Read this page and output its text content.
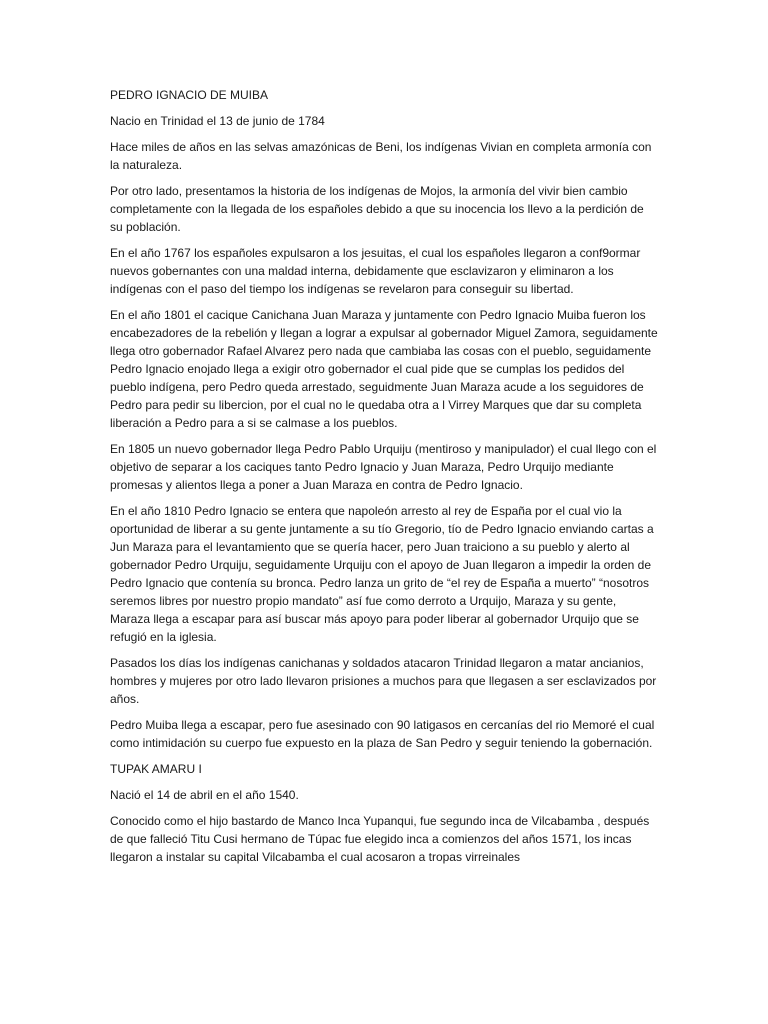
PEDRO IGNACIO DE MUIBA

Nacio en Trinidad el 13 de junio de 1784

Hace miles de años en las selvas amazónicas de Beni, los indígenas Vivian en completa armonía con la naturaleza.

Por otro lado, presentamos la historia de los indígenas de Mojos, la armonía del vivir bien cambio completamente con la llegada de los españoles debido a que su inocencia los llevo a la perdición de su población.

En el año 1767 los españoles expulsaron a los jesuitas, el cual los españoles llegaron a conf9ormar nuevos gobernantes con una maldad interna, debidamente que esclavizaron y eliminaron a los indígenas con el paso del tiempo los indígenas se revelaron para conseguir su libertad.

En el año 1801 el cacique Canichana Juan Maraza y juntamente con Pedro Ignacio Muiba fueron los encabezadores de la rebelión y llegan a lograr a expulsar al gobernador Miguel Zamora, seguidamente llega otro gobernador Rafael Alvarez pero nada que cambiaba las cosas con el pueblo, seguidamente Pedro Ignacio enojado llega a exigir otro gobernador el cual pide que se cumplas los pedidos del pueblo indígena, pero Pedro queda arrestado, seguidmente Juan Maraza acude a los seguidores de Pedro para pedir su libercion, por el cual no le quedaba otra a l Virrey Marques que dar su completa liberación a Pedro para a si se calmase a los pueblos.

En 1805 un nuevo gobernador llega Pedro Pablo Urquiju (mentiroso y manipulador) el cual llego con el objetivo de separar a los caciques tanto Pedro Ignacio y Juan Maraza, Pedro Urquijo mediante promesas y alientos llega a poner a Juan Maraza en contra de Pedro Ignacio.

En el año 1810 Pedro Ignacio se entera que napoleón arresto al rey de España por el cual vio la oportunidad de liberar a su gente juntamente a su tío Gregorio, tío de Pedro Ignacio enviando cartas a Jun Maraza para el levantamiento que se quería hacer, pero Juan traiciono a su pueblo y alerto al gobernador Pedro Urquiju, seguidamente Urquiju con el apoyo de Juan llegaron a impedir la orden de Pedro Ignacio que contenía su bronca. Pedro lanza un grito de “el rey de España a muerto” “nosotros seremos libres por nuestro propio mandato” así fue como derroto a Urquijo, Maraza y su gente, Maraza llega a escapar para así buscar más apoyo para poder liberar al gobernador Urquijo que se refugió en la iglesia.

Pasados los días los indígenas canichanas y soldados atacaron Trinidad llegaron a matar ancianios, hombres y mujeres por otro lado llevaron prisiones a muchos para que llegasen a ser esclavizados por años.

Pedro Muiba llega a escapar, pero fue asesinado con 90 latigasos en cercanías del rio Memoré el cual como intimidación su cuerpo fue expuesto en la plaza de San Pedro y seguir teniendo la gobernación.

TUPAK AMARU I

Nació el 14 de abril en el año 1540.

Conocido como el hijo bastardo de Manco Inca Yupanqui, fue segundo inca de Vilcabamba , después de que falleció Titu Cusi hermano de Túpac fue elegido inca a comienzos del años 1571, los incas llegaron a instalar su capital Vilcabamba el cual acosaron a tropas virreinales
